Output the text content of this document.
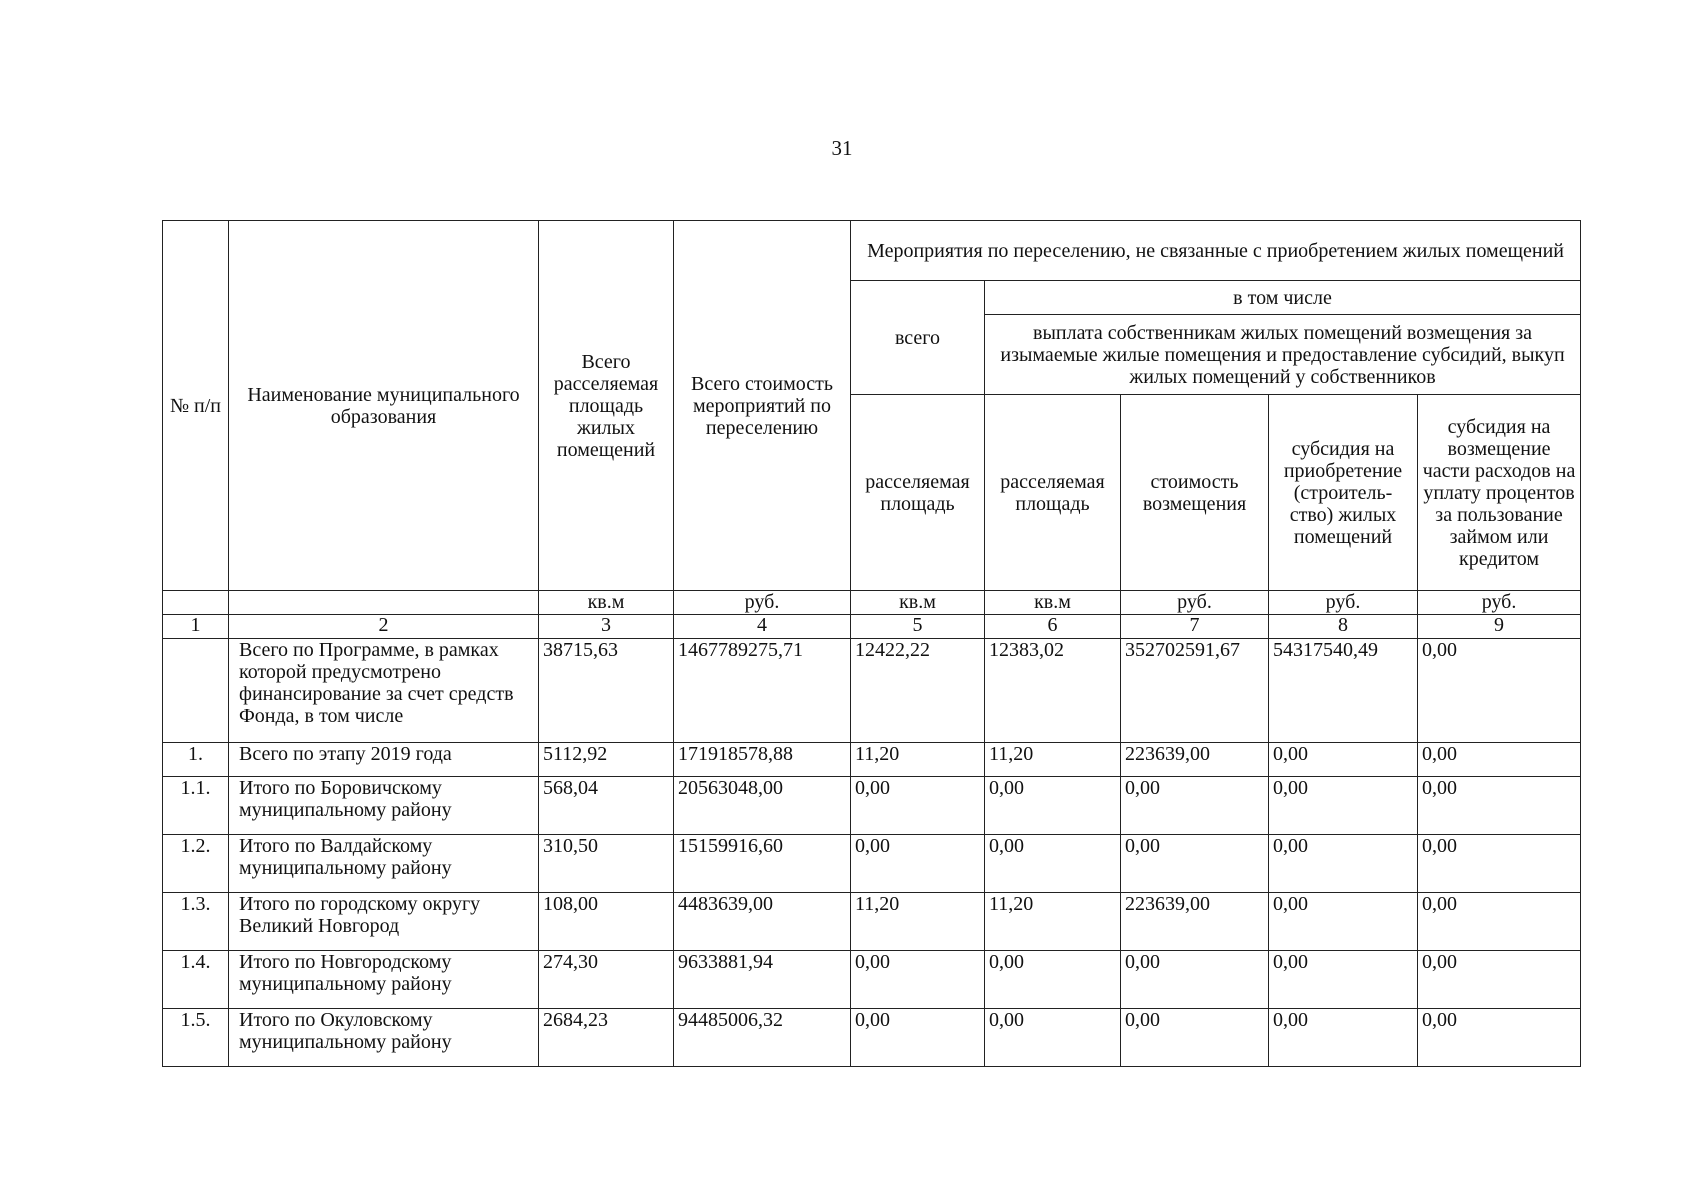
31
№ п/п	Наименование муниципального образования	Всего расселяемая площадь жилых помещений	Всего стоимость мероприятий по переселению	Мероприятия по переселению, не связанные с приобретением жилых помещений				
				всего	в том числе			
					выплата собственникам жилых помещений возмещения за изымаемые жилые помещения и предоставление субсидий, выкуп жилых помещений у собственников			
				расселяемая площадь	расселяемая площадь	стоимость возмещения	субсидия на приобретение (строитель-ство) жилых помещений	субсидия на возмещение части расходов на уплату процентов за пользование займом или кредитом
		кв.м	руб.	кв.м	кв.м	руб.	руб.	руб.
1	2	3	4	5	6	7	8	9
	Всего по Программе, в рамках которой предусмотрено финансирование за счет средств Фонда, в том числе	38715,63	1467789275,71	12422,22	12383,02	352702591,67	54317540,49	0,00
1.	Всего по этапу 2019 года	5112,92	171918578,88	11,20	11,20	223639,00	0,00	0,00
1.1.	Итого по Боровичскому муниципальному району	568,04	20563048,00	0,00	0,00	0,00	0,00	0,00
1.2.	Итого по Валдайскому муниципальному району	310,50	15159916,60	0,00	0,00	0,00	0,00	0,00
1.3.	Итого по городскому округу Великий Новгород	108,00	4483639,00	11,20	11,20	223639,00	0,00	0,00
1.4.	Итого по Новгородскому муниципальному району	274,30	9633881,94	0,00	0,00	0,00	0,00	0,00
1.5.	Итого по Окуловскому муниципальному району	2684,23	94485006,32	0,00	0,00	0,00	0,00	0,00
